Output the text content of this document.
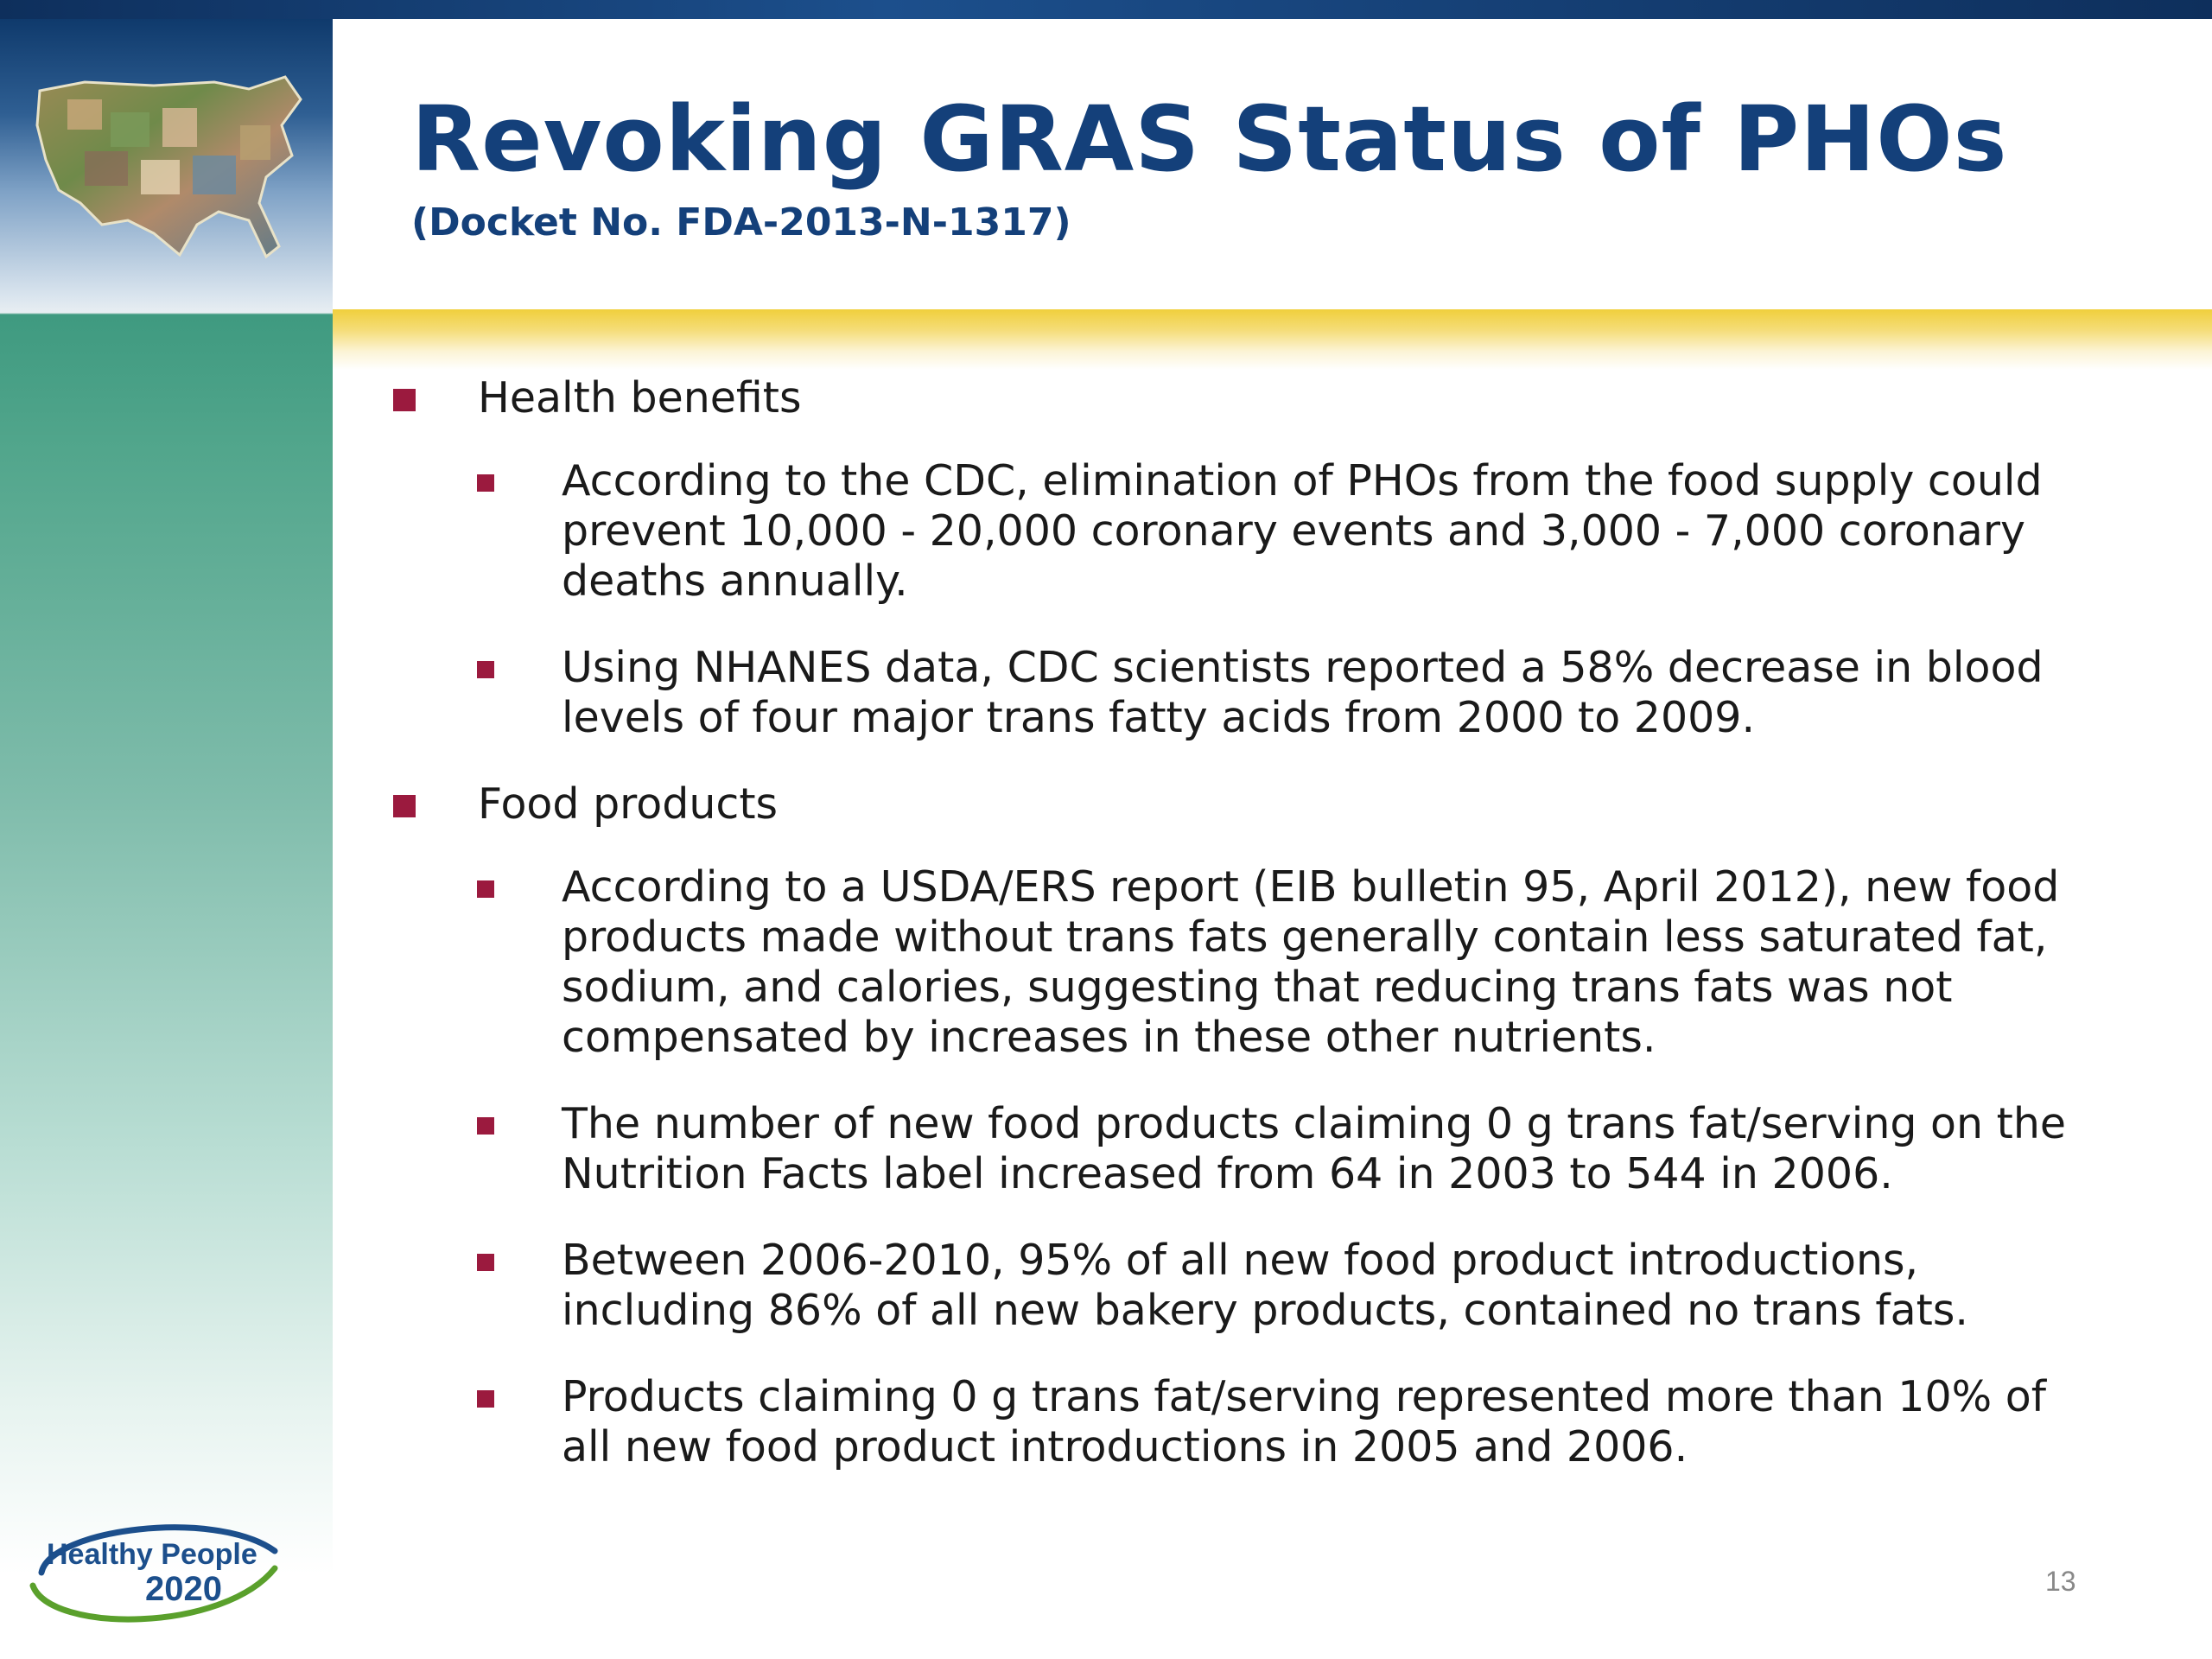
Revoking GRAS Status of PHOs
(Docket No. FDA-2013-N-1317)
Health benefits
According to the CDC, elimination of PHOs from the food supply could prevent 10,000 - 20,000 coronary events and 3,000 - 7,000 coronary deaths annually.
Using NHANES data, CDC scientists reported a 58% decrease in blood levels of four major trans fatty acids from 2000 to 2009.
Food products
According to a USDA/ERS report (EIB bulletin 95, April 2012), new food products made without trans fats generally contain less saturated fat, sodium, and calories, suggesting that reducing trans fats was not compensated by increases in these other nutrients.
The number of new food products claiming 0 g trans fat/serving on the Nutrition Facts label increased from 64 in 2003 to 544 in 2006.
Between 2006-2010, 95% of all new food product introductions, including 86% of all new bakery products, contained no trans fats.
Products claiming 0 g trans fat/serving represented more than 10% of all new food product introductions in 2005 and 2006.
Healthy People
2020	13
